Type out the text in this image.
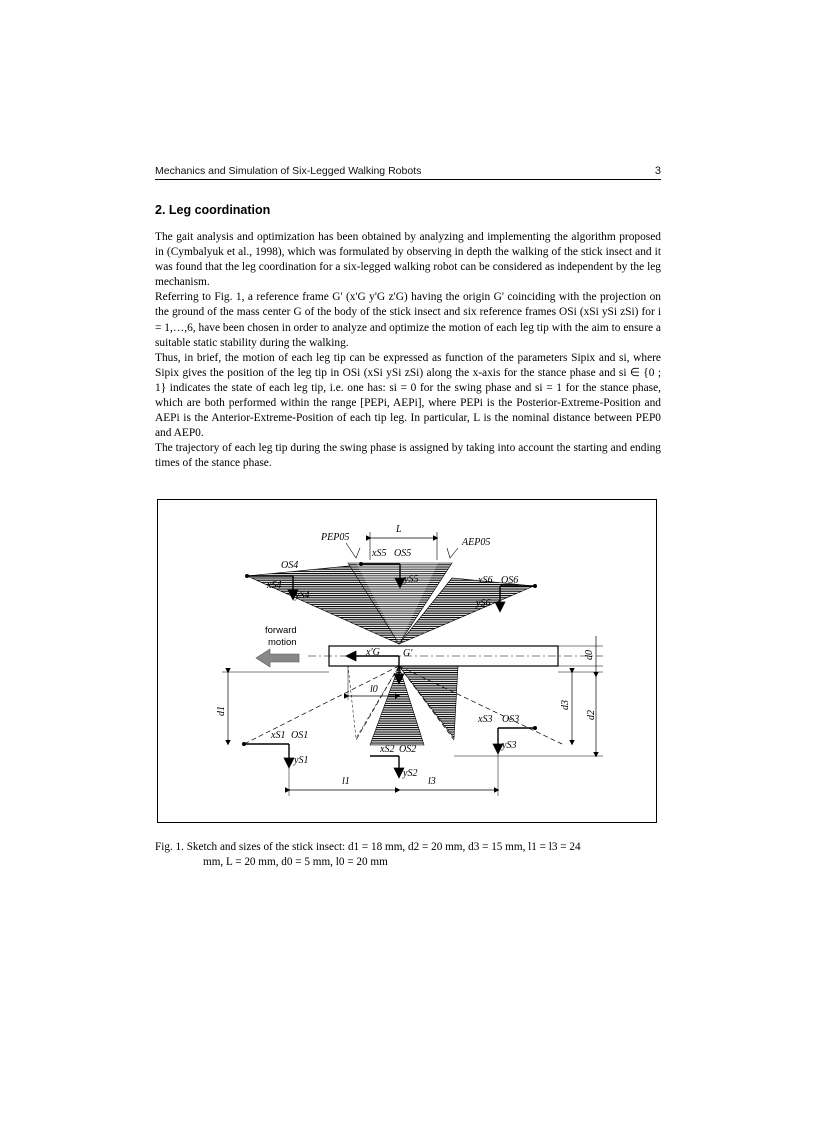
Mechanics and Simulation of Six-Legged Walking Robots	3
2. Leg coordination

The gait analysis and optimization has been obtained by analyzing and implementing the algorithm proposed in (Cymbalyuk et al., 1998), which was formulated by observing in depth the walking of the stick insect and it was found that the leg coordination for a six-legged walking robot can be considered as independent by the leg mechanism.

Referring to Fig. 1, a reference frame G' (x'G y'G z'G) having the origin G' coinciding with the projection on the ground of the mass center G of the body of the stick insect and six reference frames OSi (xSi ySi zSi) for i = 1,…,6, have been chosen in order to analyze and optimize the motion of each leg tip with the aim to ensure a suitable static stability during the walking.

Thus, in brief, the motion of each leg tip can be expressed as function of the parameters Sipix and si, where Sipix gives the position of the leg tip in OSi (xSi ySi zSi) along the x-axis for the stance phase and si ∈ {0 ; 1} indicates the state of each leg tip, i.e. one has: si = 0 for the swing phase and si = 1 for the stance phase, which are both performed within the range [PEPi, AEPi], where PEPi is the Posterior-Extreme-Position and AEPi is the Anterior-Extreme-Position of each tip leg. In particular, L is the nominal distance between PEP0 and AEP0.

The trajectory of each leg tip during the swing phase is assigned by taking into account the starting and ending times of the stance phase.

forward
motion
L
PEP05	AEP05
xS5 OS5
yS5
OS4
xS4
yS4
xS6 OS6
yS6
x'G G'	d0
d1
d3
d2
l0
xS1 OS1
yS1
xS2 OS2
yS2
xS3 OS3
yS3
l1	l3
Fig. 1. Sketch and sizes of the stick insect: d1 = 18 mm, d2 = 20 mm, d3 = 15 mm, l1 = l3 = 24
mm, L = 20 mm, d0 = 5 mm, l0 = 20 mm
